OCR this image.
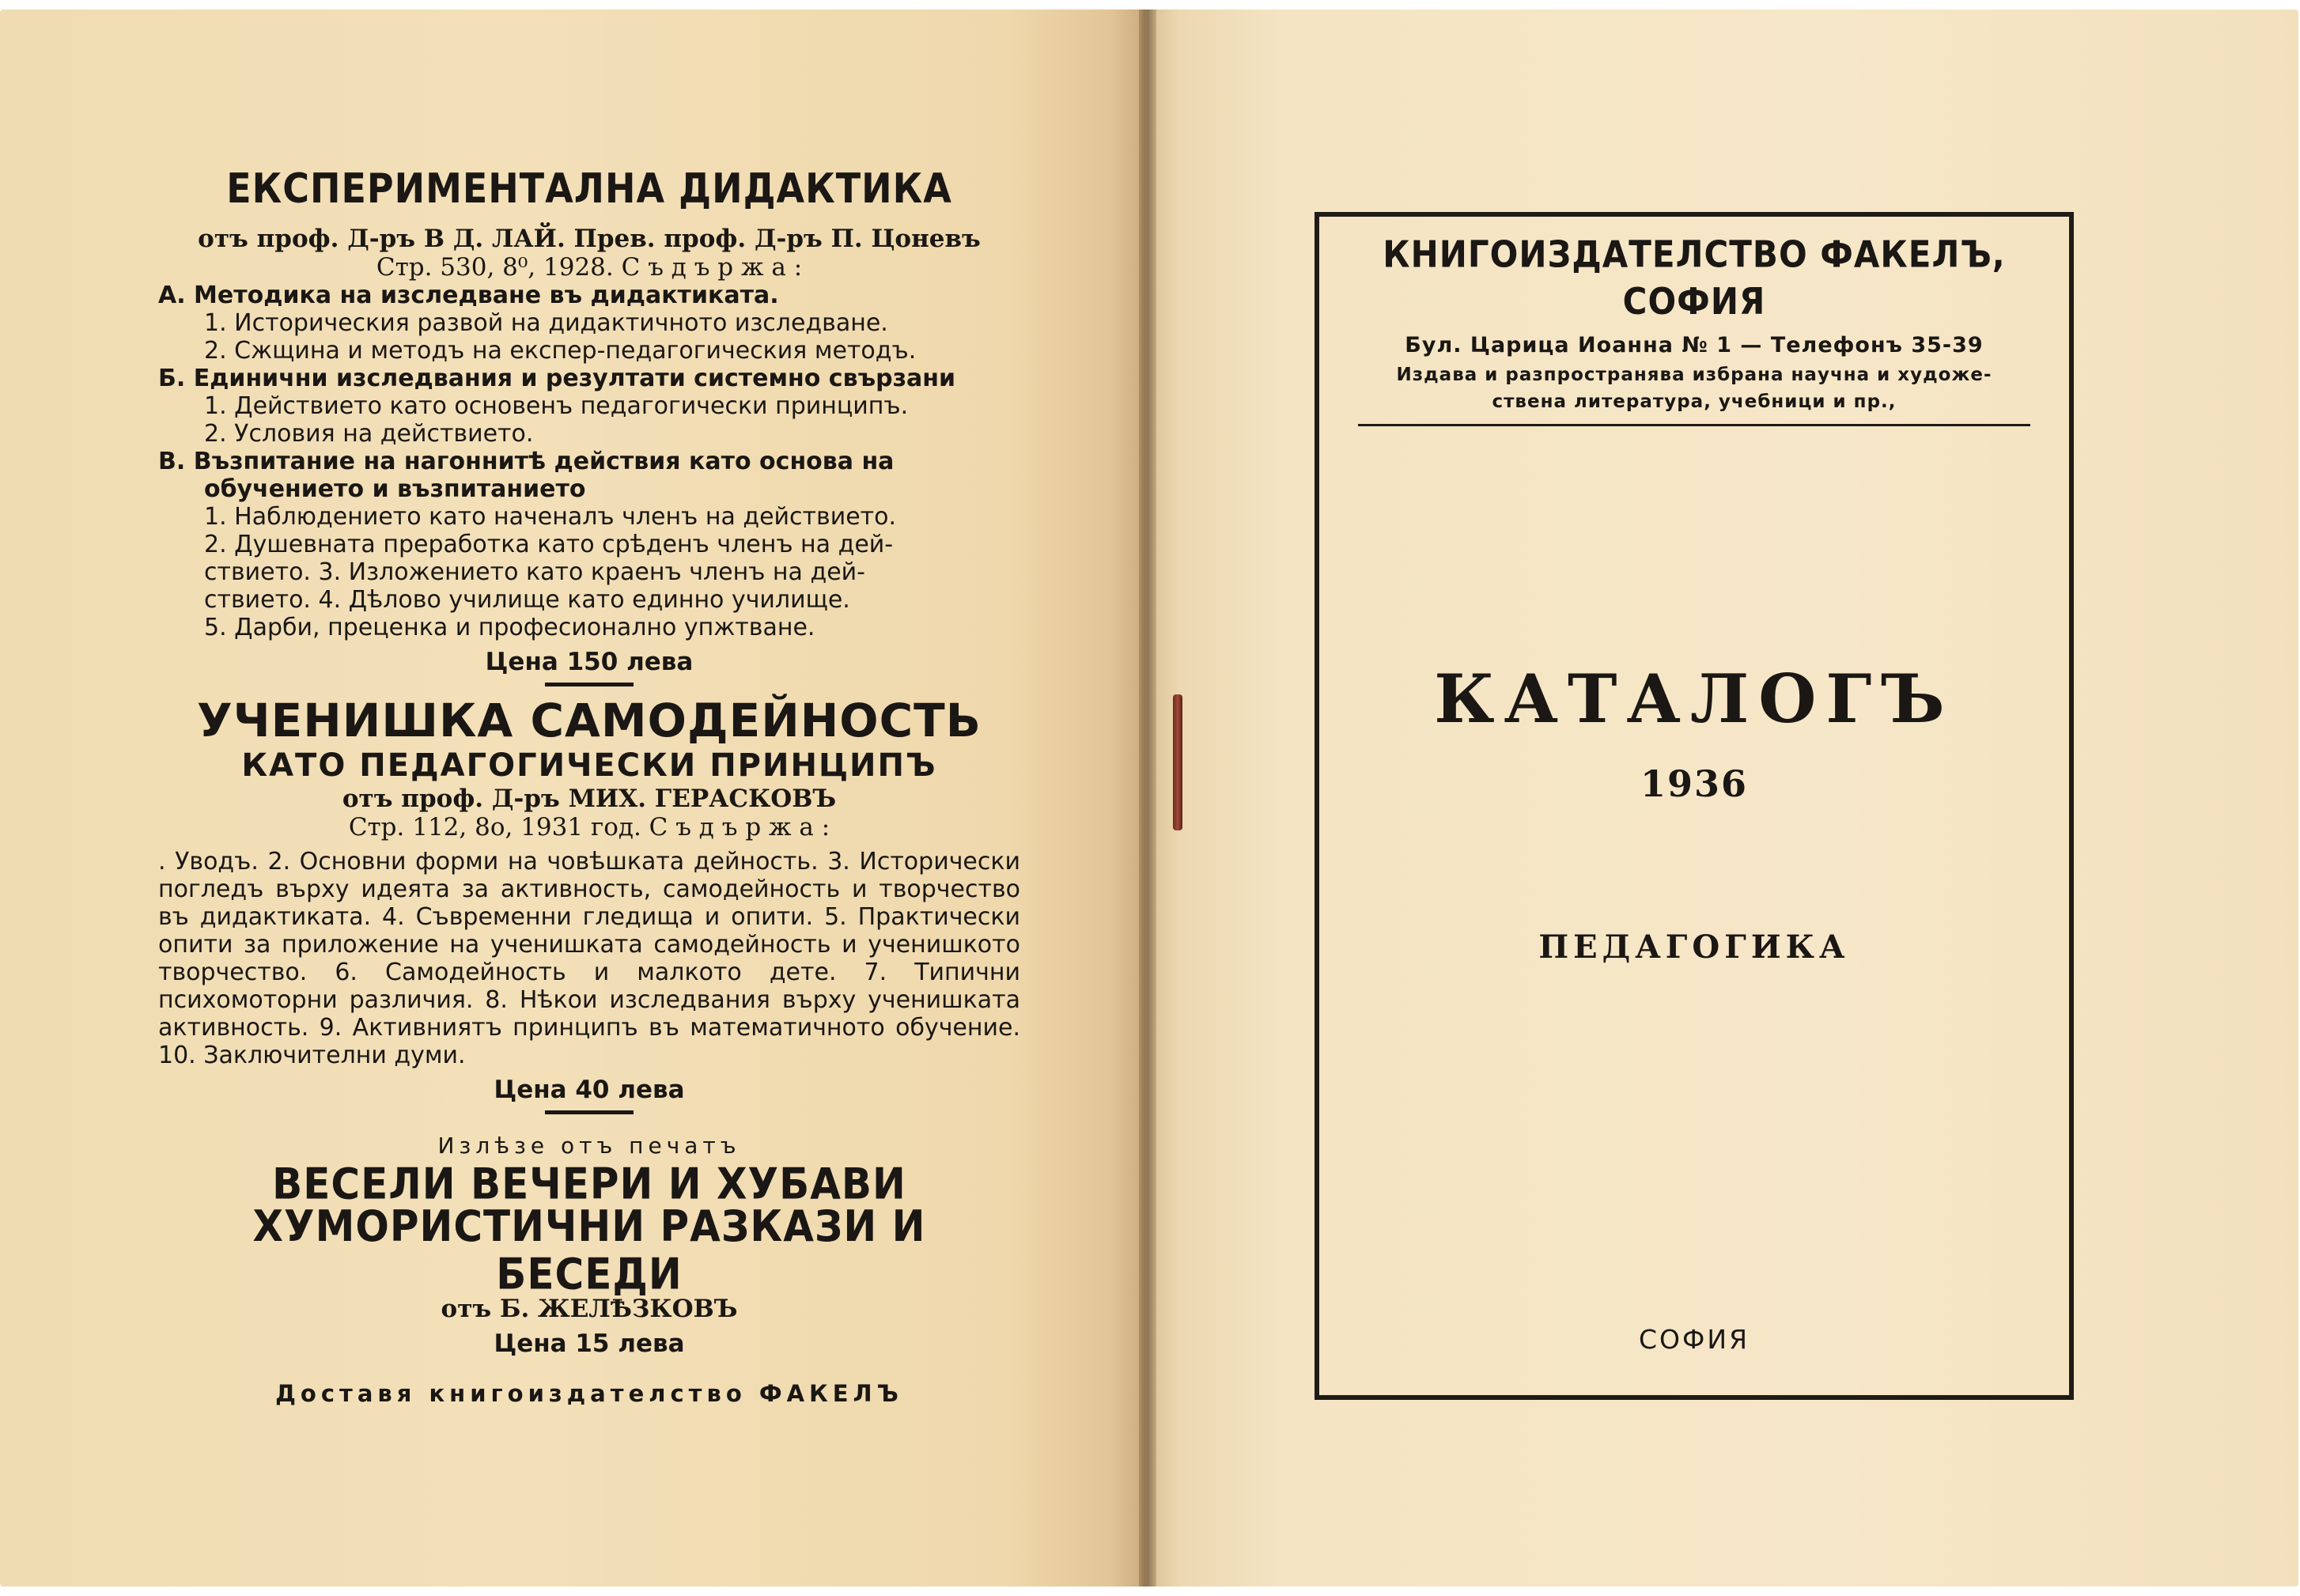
ЕКСПЕРИМЕНТАЛНА ДИДАКТИКА
отъ проф. Д-ръ В Д. ЛАЙ. Прев. проф. Д-ръ П. Цоневъ
Стр. 530, 8⁰, 1928. С ъ д ъ р ж а :
А. Методика на изследване въ дидактиката.
1. Историческия развой на дидактичното изследване.
2. Сжщина и методъ на експер-педагогическия методъ.
Б. Единични изследвания и резултати системно свързани
1. Действието като основенъ педагогически принципъ.
2. Условия на действието.
В. Възпитание на нагоннитѣ действия като основа на
обучението и възпитанието
1. Наблюдението като наченалъ членъ на действието.
2. Душевната преработка като срѣденъ членъ на дей-
ствието. 3. Изложението като краенъ членъ на дей-
ствието. 4. Дѣлово училище като единно училище.
5. Дарби, преценка и професионално упжтване.
Цена 150 лева
УЧЕНИШКА САМОДЕЙНОСТЬ
КАТО ПЕДАГОГИЧЕСКИ ПРИНЦИПЪ
отъ проф. Д-ръ МИХ. ГЕРАСКОВЪ
Стр. 112, 8о, 1931 год. С ъ д ъ р ж а :

. Уводъ. 2. Основни форми на човѣшката дейность. 3. Исторически погледъ върху идеята за активность, самодейность и творчество въ дидактиката. 4. Съвременни гледища и опити. 5. Практически опити за приложение на ученишката самодейность и ученишкото творчество. 6. Самодейность и малкото дете. 7. Типични психомоторни различия. 8. Нѣкои изследвания върху ученишката активность. 9. Активниятъ принципъ въ математичното обучение. 10. Заключителни думи.

Цена 40 лева
Излѣзе отъ печатъ
ВЕСЕЛИ ВЕЧЕРИ И ХУБАВИ
ХУМОРИСТИЧНИ РАЗКАЗИ И БЕСЕДИ
отъ Б. ЖЕЛѢЗКОВЪ
Цена 15 лева
Доставя книгоиздателство ФАКЕЛЪ
КНИГОИЗДАТЕЛСТВО ФАКЕЛЪ, СОФИЯ
Бул. Царица Иоанна № 1 — Телефонъ 35-39
Издава и разпространява избрана научна и художе-
ствена литература, учебници и пр.,
КАТАЛОГЪ
1936
ПЕДАГОГИКА
СОФИЯ
